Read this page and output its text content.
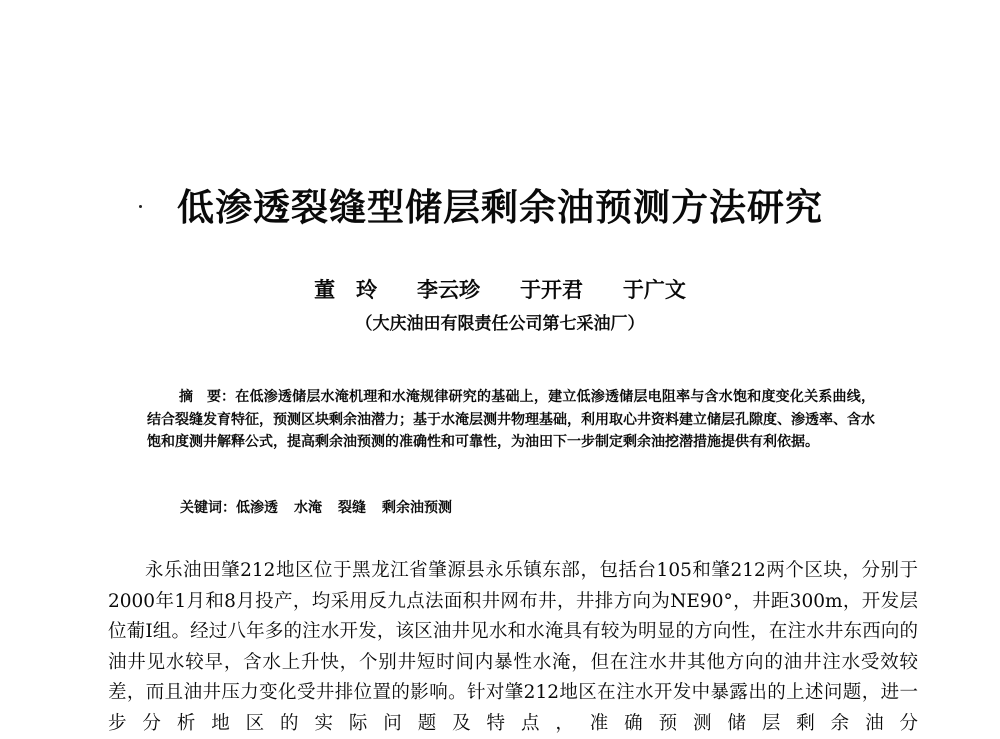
低渗透裂缝型储层剩余油预测方法研究
董　玲 李云珍 于开君 于广文
（大庆油田有限责任公司第七采油厂）
摘　要：在低渗透储层水淹机理和水淹规律研究的基础上，建立低渗透储层电阻率与含水饱和度变化关系曲线，结合裂缝发育特征，预测区块剩余油潜力；基于水淹层测井物理基础，利用取心井资料建立储层孔隙度、渗透率、含水饱和度测井解释公式，提高剩余油预测的准确性和可靠性，为油田下一步制定剩余油挖潜措施提供有利依据。
关键词：低渗透 水淹 裂缝 剩余油预测

永乐油田肇212地区位于黑龙江省肇源县永乐镇东部，包括台105和肇212两个区块，分别于2000年1月和8月投产，均采用反九点法面积井网布井，井排方向为NE90°，井距300m，开发层位葡Ⅰ组。经过八年多的注水开发，该区油井见水和水淹具有较为明显的方向性，在注水井东西向的油井见水较早，含水上升快，个别井短时间内暴性水淹，但在注水井其他方向的油井注水受效较差，而且油井压力变化受井排位置的影响。针对肇212地区在注水开发中暴露出的上述问题，进一步分析地区的实际问题及特点，准确预测储层剩余油分
